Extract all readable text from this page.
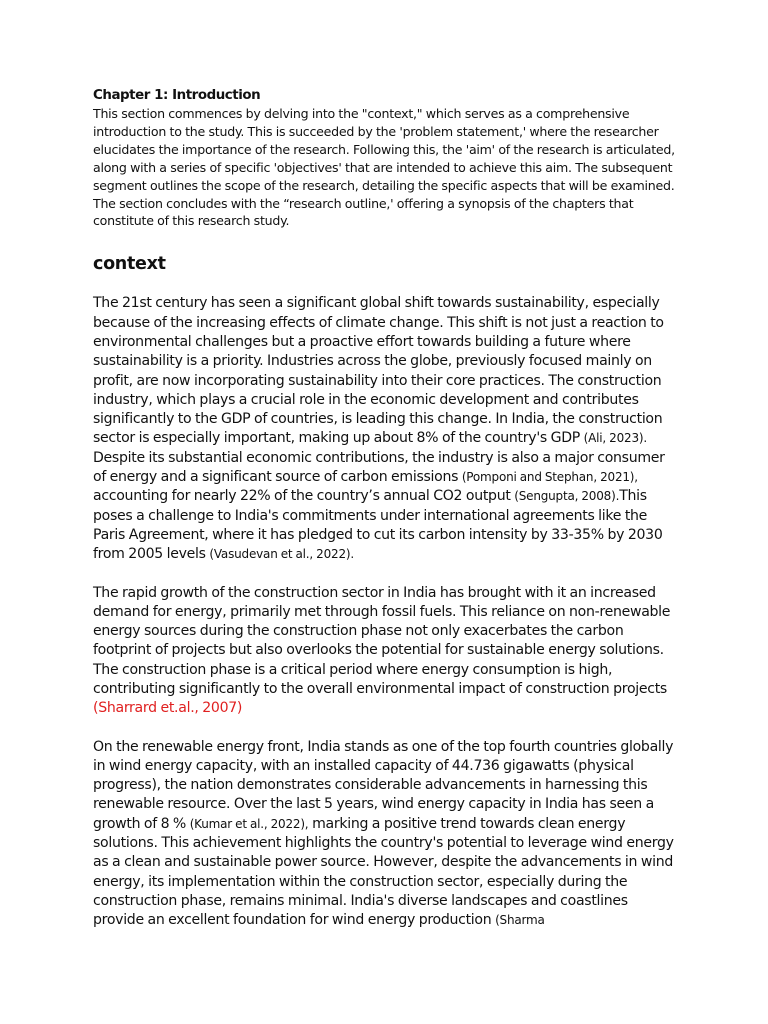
Chapter 1: Introduction

This section commences by delving into the "context," which serves as a comprehensive introduction to the study. This is succeeded by the 'problem statement,' where the researcher elucidates the importance of the research. Following this, the 'aim' of the research is articulated, along with a series of specific 'objectives' that are intended to achieve this aim. The subsequent segment outlines the scope of the research, detailing the specific aspects that will be examined. The section concludes with the “research outline,' offering a synopsis of the chapters that constitute of this research study.

context

The 21st century has seen a significant global shift towards sustainability, especially because of the increasing effects of climate change. This shift is not just a reaction to environmental challenges but a proactive effort towards building a future where sustainability is a priority. Industries across the globe, previously focused mainly on profit, are now incorporating sustainability into their core practices. The construction industry, which plays a crucial role in the economic development and contributes significantly to the GDP of countries, is leading this change. In India, the construction sector is especially important, making up about 8% of the country's GDP (Ali, 2023). Despite its substantial economic contributions, the industry is also a major consumer of energy and a significant source of carbon emissions (Pomponi and Stephan, 2021), accounting for nearly 22% of the country’s annual CO2 output (Sengupta, 2008).This poses a challenge to India's commitments under international agreements like the Paris Agreement, where it has pledged to cut its carbon intensity by 33-35% by 2030 from 2005 levels (Vasudevan et al., 2022).

The rapid growth of the construction sector in India has brought with it an increased demand for energy, primarily met through fossil fuels. This reliance on non-renewable energy sources during the construction phase not only exacerbates the carbon footprint of projects but also overlooks the potential for sustainable energy solutions. The construction phase is a critical period where energy consumption is high, contributing significantly to the overall environmental impact of construction projects (Sharrard et.al., 2007)

On the renewable energy front, India stands as one of the top fourth countries globally in wind energy capacity, with an installed capacity of 44.736 gigawatts (physical progress), the nation demonstrates considerable advancements in harnessing this renewable resource. Over the last 5 years, wind energy capacity in India has seen a growth of 8 % (Kumar et al., 2022), marking a positive trend towards clean energy solutions. This achievement highlights the country's potential to leverage wind energy as a clean and sustainable power source. However, despite the advancements in wind energy, its implementation within the construction sector, especially during the construction phase, remains minimal. India's diverse landscapes and coastlines provide an excellent foundation for wind energy production (Sharma
